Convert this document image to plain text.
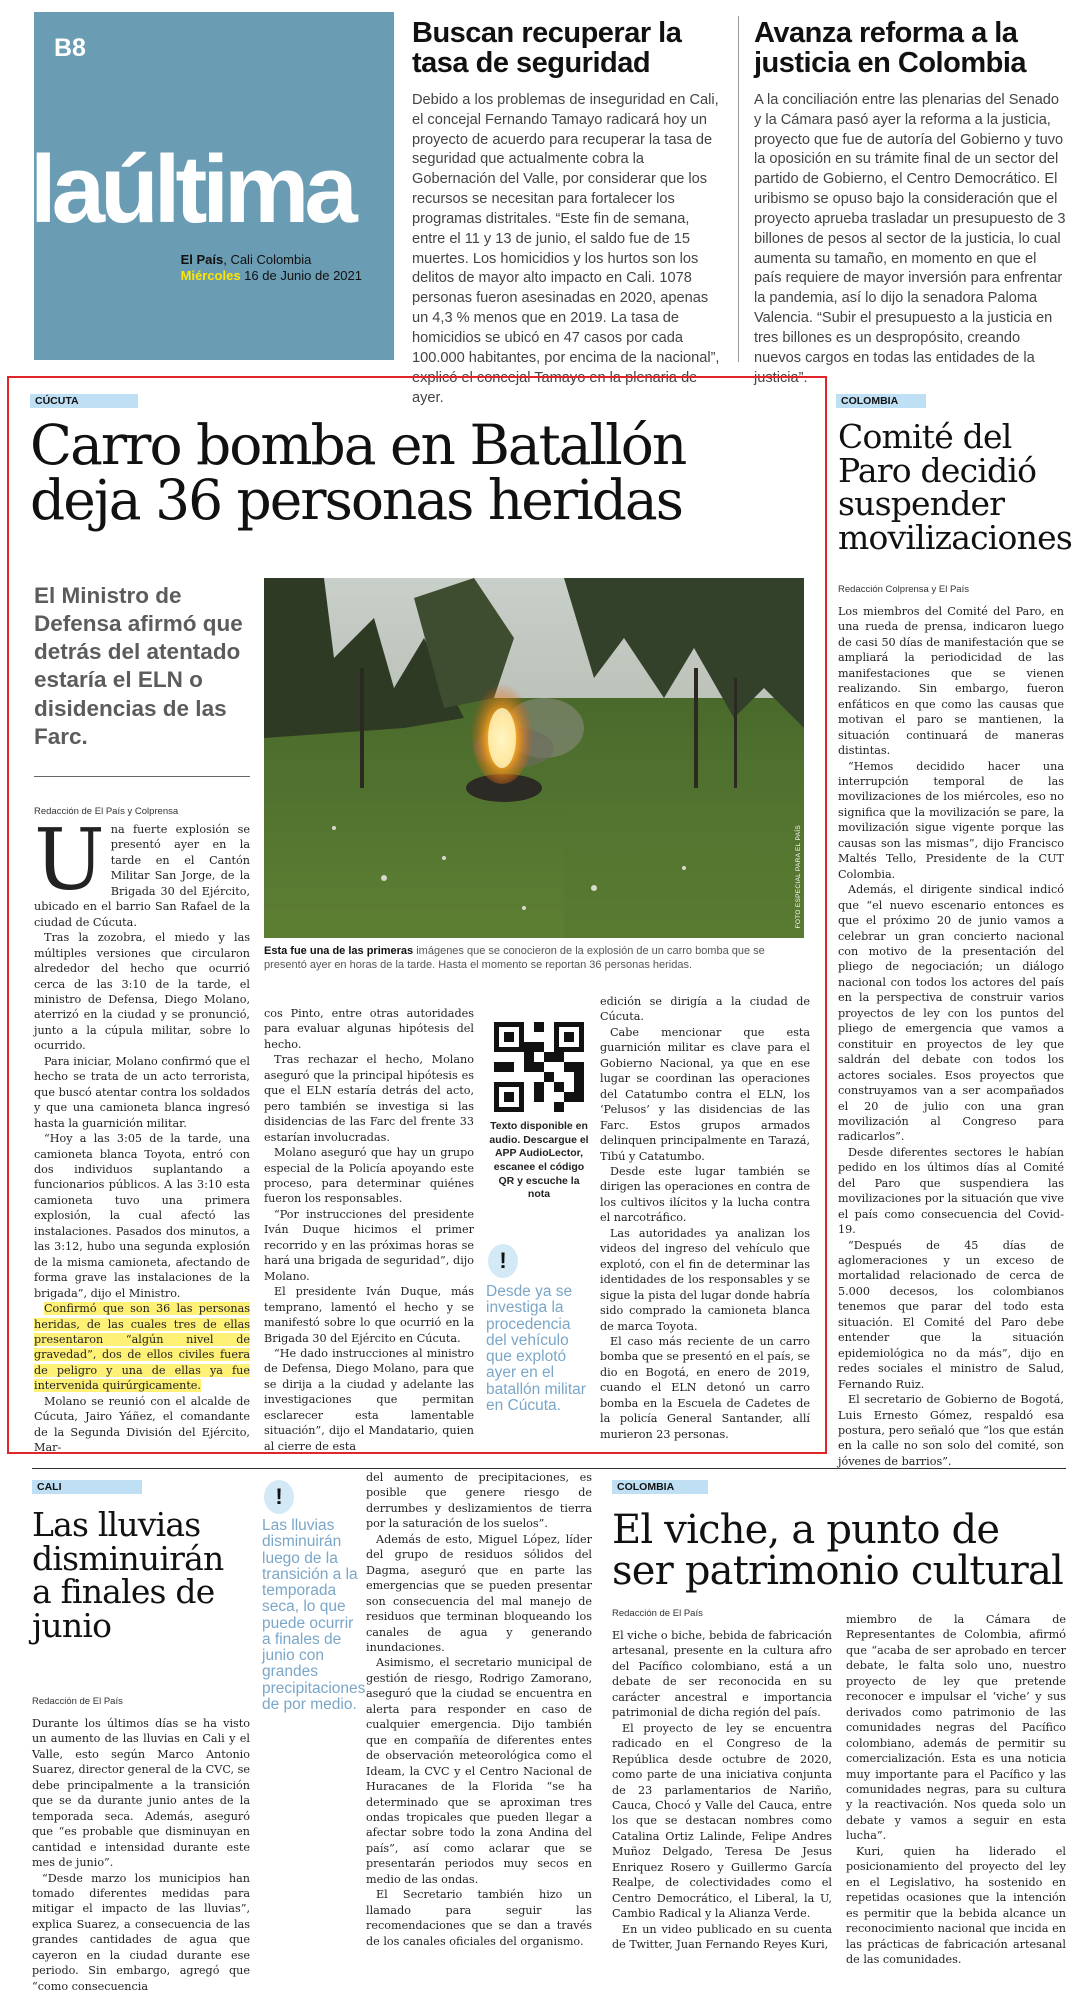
B8
laúltima
El País, Cali Colombia
Miércoles 16 de Junio de 2021
Buscan recuperar la tasa de seguridad

Debido a los problemas de inseguridad en Cali, el concejal Fernando Tamayo radicará hoy un proyecto de acuerdo para recuperar la tasa de seguridad que actualmente cobra la Gobernación del Valle, por considerar que los recursos se necesitan para fortalecer los programas distritales. “Este fin de semana, entre el 11 y 13 de junio, el saldo fue de 15 muertes. Los homicidios y los hurtos son los delitos de mayor alto impacto en Cali. 1078 personas fueron asesinadas en 2020, apenas un 4,3 % menos que en 2019. La tasa de homicidios se ubicó en 47 casos por cada 100.000 habitantes, por encima de la nacional”, explicó el concejal Tamayo en la plenaria de ayer.

Avanza reforma a la justicia en Colombia

A la conciliación entre las plenarias del Senado y la Cámara pasó ayer la reforma a la justicia, proyecto que fue de autoría del Gobierno y tuvo la oposición en su trámite final de un sector del partido de Gobierno, el Centro Democrático. El uribismo se opuso bajo la consideración que el proyecto aprueba trasladar un presupuesto de 3 billones de pesos al sector de la justicia, lo cual aumenta su tamaño, en momento en que el país requiere de mayor inversión para enfrentar la pandemia, así lo dijo la senadora Paloma Valencia. “Subir el presupuesto a la justicia en tres billones es un despropósito, creando nuevos cargos en todas las entidades de la justicia”.

CÚCUTA
Carro bomba en Batallón
deja 36 personas heridas
El Ministro de Defensa afirmó que detrás del atentado estaría el ELN o disidencias de las Farc.
Redacción de El País y Colprensa
FOTO ESPECIAL PARA EL PAÍS
Esta fue una de las primeras imágenes que se conocieron de la explosión de un carro bomba que se presentó ayer en horas de la tarde. Hasta el momento se reportan 36 personas heridas.
U na fuerte explosión se presentó ayer en la tarde en el Cantón Militar San Jorge, de la Brigada 30 del Ejército, ubicado en el barrio San Rafael de la ciudad de Cúcuta.

Tras la zozobra, el miedo y las múltiples versiones que circularon alrededor del hecho que ocurrió cerca de las 3:10 de la tarde, el ministro de Defensa, Diego Molano, aterrizó en la ciudad y se pronunció, junto a la cúpula militar, sobre lo ocurrido.

Para iniciar, Molano confirmó que el hecho se trata de un acto terrorista, que buscó atentar contra los soldados y que una camioneta blanca ingresó hasta la guarnición militar.

“Hoy a las 3:05 de la tarde, una camioneta blanca Toyota, entró con dos individuos suplantando a funcionarios públicos. A las 3:10 esta camioneta tuvo una primera explosión, la cual afectó las instalaciones. Pasados dos minutos, a las 3:12, hubo una segunda explosión de la misma camioneta, afectando de forma grave las instalaciones de la brigada”, dijo el Ministro.

Confirmó que son 36 las personas heridas, de las cuales tres de ellas presentaron “algún nivel de gravedad”, dos de ellos civiles fuera de peligro y una de ellas ya fue intervenida quirúrgicamente.

Molano se reunió con el alcalde de Cúcuta, Jairo Yáñez, el comandante de la Segunda División del Ejército, Mar-

cos Pinto, entre otras autoridades para evaluar algunas hipótesis del hecho.

Tras rechazar el hecho, Molano aseguró que la principal hipótesis es que el ELN estaría detrás del acto, pero también se investiga si las disidencias de las Farc del frente 33 estarían involucradas.

Molano aseguró que hay un grupo especial de la Policía apoyando este proceso, para determinar quiénes fueron los responsables.

“Por instrucciones del presidente Iván Duque hicimos el primer recorrido y en las próximas horas se hará una brigada de seguridad”, dijo Molano.

El presidente Iván Duque, más temprano, lamentó el hecho y se manifestó sobre lo que ocurrió en la Brigada 30 del Ejército en Cúcuta.

“He dado instrucciones al ministro de Defensa, Diego Molano, para que se dirija a la ciudad y adelante las investigaciones que permitan esclarecer esta lamentable situación”, dijo el Mandatario, quien al cierre de esta

Texto disponible en audio. Descargue el APP AudioLector, escanee el código QR y escuche la nota
!
Desde ya se investiga la procedencia del vehículo que explotó ayer en el batallón militar en Cúcuta.

edición se dirigía a la ciudad de Cúcuta.

Cabe mencionar que esta guarnición militar es clave para el Gobierno Nacional, ya que en ese lugar se coordinan las operaciones del Catatumbo contra el ELN, los ‘Pelusos’ y las disidencias de las Farc. Estos grupos armados delinquen principalmente en Tarazá, Tibú y Catatumbo.

Desde este lugar también se dirigen las operaciones en contra de los cultivos ilícitos y la lucha contra el narcotráfico.

Las autoridades ya analizan los videos del ingreso del vehículo que explotó, con el fin de determinar las identidades de los responsables y se sigue la pista del lugar donde habría sido comprado la camioneta blanca de marca Toyota.

El caso más reciente de un carro bomba que se presentó en el país, se dio en Bogotá, en enero de 2019, cuando el ELN detonó un carro bomba en la Escuela de Cadetes de la policía General Santander, allí murieron 23 personas.

COLOMBIA
Comité del Paro decidió suspender movilizaciones
Redacción Colprensa y El País

Los miembros del Comité del Paro, en una rueda de prensa, indicaron luego de casi 50 días de manifestación que se ampliará la periodicidad de las manifestaciones que se vienen realizando. Sin embargo, fueron enfáticos en que como las causas que motivan el paro se mantienen, la situación continuará de maneras distintas.

“Hemos decidido hacer una interrupción temporal de las movilizaciones de los miércoles, eso no significa que la movilización se pare, la movilización sigue vigente porque las causas son las mismas”, dijo Francisco Maltés Tello, Presidente de la CUT Colombia.

Además, el dirigente sindical indicó que “el nuevo escenario entonces es que el próximo 20 de junio vamos a celebrar un gran concierto nacional con motivo de la presentación del pliego de negociación; un diálogo nacional con todos los actores del país en la perspectiva de construir varios proyectos de ley con los puntos del pliego de emergencia que vamos a constituir en proyectos de ley que saldrán del debate con todos los actores sociales. Esos proyectos que construyamos van a ser acompañados el 20 de julio con una gran movilización al Congreso para radicarlos”.

Desde diferentes sectores le habían pedido en los últimos días al Comité del Paro que suspendiera las movilizaciones por la situación que vive el país como consecuencia del Covid-19.

“Después de 45 días de aglomeraciones y un exceso de mortalidad relacionado de cerca de 5.000 decesos, los colombianos tenemos que parar del todo esta situación. El Comité del Paro debe entender que la situación epidemiológica no da más”, dijo en redes sociales el ministro de Salud, Fernando Ruiz.

El secretario de Gobierno de Bogotá, Luis Ernesto Gómez, respaldó esa postura, pero señaló que “los que están en la calle no son solo del comité, son jóvenes de barrios”.

CALI
Las lluvias disminuirán a finales de junio
Redacción de El País

Durante los últimos días se ha visto un aumento de las lluvias en Cali y el Valle, esto según Marco Antonio Suarez, director general de la CVC, se debe principalmente a la transición que se da durante junio antes de la temporada seca. Además, aseguró que “es probable que disminuyan en cantidad e intensidad durante este mes de junio”.

“Desde marzo los municipios han tomado diferentes medidas para mitigar el impacto de las lluvias”, explica Suarez, a consecuencia de las grandes cantidades de agua que cayeron en la ciudad durante ese periodo. Sin embargo, agregó que “como consecuencia

!
Las lluvias disminuirán luego de la transición a la temporada seca, lo que puede ocurrir a finales de junio con grandes precipitaciones de por medio.

del aumento de precipitaciones, es posible que genere riesgo de derrumbes y deslizamientos de tierra por la saturación de los suelos”.

Además de esto, Miguel López, líder del grupo de residuos sólidos del Dagma, aseguró que en parte las emergencias que se pueden presentar son consecuencia del mal manejo de residuos que terminan bloqueando los canales de agua y generando inundaciones.

Asimismo, el secretario municipal de gestión de riesgo, Rodrigo Zamorano, aseguró que la ciudad se encuentra en alerta para responder en caso de cualquier emergencia. Dijo también que en compañía de diferentes entes de observación meteorológica como el Ideam, la CVC y el Centro Nacional de Huracanes de la Florida “se ha determinado que se aproximan tres ondas tropicales que pueden llegar a afectar sobre todo la zona Andina del país”, así como aclarar que se presentarán periodos muy secos en medio de las ondas.

El Secretario también hizo un llamado para seguir las recomendaciones que se dan a través de los canales oficiales del organismo.

COLOMBIA
El viche, a punto de ser patrimonio cultural
Redacción de El País

El viche o biche, bebida de fabricación artesanal, presente en la cultura afro del Pacífico colombiano, está a un debate de ser reconocida en su carácter ancestral e importancia patrimonial de dicha región del país.

El proyecto de ley se encuentra radicado en el Congreso de la República desde octubre de 2020, como parte de una iniciativa conjunta de 23 parlamentarios de Nariño, Cauca, Chocó y Valle del Cauca, entre los que se destacan nombres como Catalina Ortiz Lalinde, Felipe Andres Muñoz Delgado, Teresa De Jesus Enriquez Rosero y Guillermo García Realpe, de colectividades como el Centro Democrático, el Liberal, la U, Cambio Radical y la Alianza Verde.

En un video publicado en su cuenta de Twitter, Juan Fernando Reyes Kuri,

miembro de la Cámara de Representantes de Colombia, afirmó que “acaba de ser aprobado en tercer debate, le falta solo uno, nuestro proyecto de ley que pretende reconocer e impulsar el ‘viche’ y sus derivados como patrimonio de las comunidades negras del Pacífico colombiano, además de permitir su comercialización. Esta es una noticia muy importante para el Pacífico y las comunidades negras, para su cultura y la reactivación. Nos queda solo un debate y vamos a seguir en esta lucha”.

Kuri, quien ha liderado el posicionamiento del proyecto del ley en el Legislativo, ha sostenido en repetidas ocasiones que la intención es permitir que la bebida alcance un reconocimiento nacional que incida en las prácticas de fabricación artesanal de las comunidades.
